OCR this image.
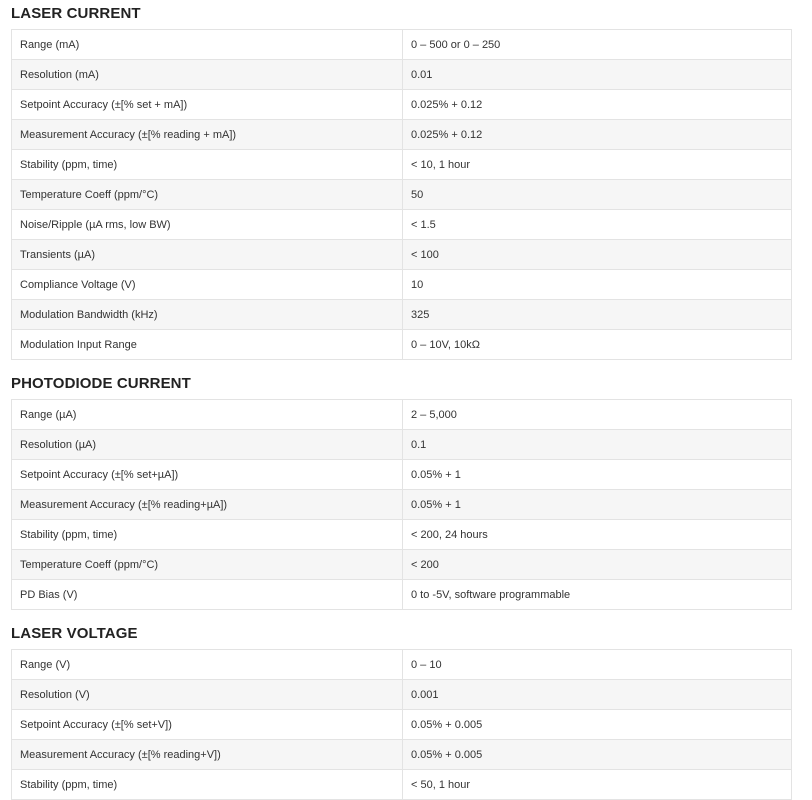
LASER CURRENT
Range (mA)	0 – 500 or 0 – 250
Resolution (mA)	0.01
Setpoint Accuracy (±[% set + mA])	0.025% + 0.12
Measurement Accuracy (±[% reading + mA])	0.025% + 0.12
Stability (ppm, time)	< 10, 1 hour
Temperature Coeff (ppm/°C)	50
Noise/Ripple (µA rms, low BW)	< 1.5
Transients (µA)	< 100
Compliance Voltage (V)	10
Modulation Bandwidth (kHz)	325
Modulation Input Range	0 – 10V, 10kΩ
PHOTODIODE CURRENT
Range (µA)	2 – 5,000
Resolution (µA)	0.1
Setpoint Accuracy (±[% set+µA])	0.05% + 1
Measurement Accuracy (±[% reading+µA])	0.05% + 1
Stability (ppm, time)	< 200, 24 hours
Temperature Coeff (ppm/°C)	< 200
PD Bias (V)	0 to -5V, software programmable
LASER VOLTAGE
Range (V)	0 – 10
Resolution (V)	0.001
Setpoint Accuracy (±[% set+V])	0.05% + 0.005
Measurement Accuracy (±[% reading+V])	0.05% + 0.005
Stability (ppm, time)	< 50, 1 hour
